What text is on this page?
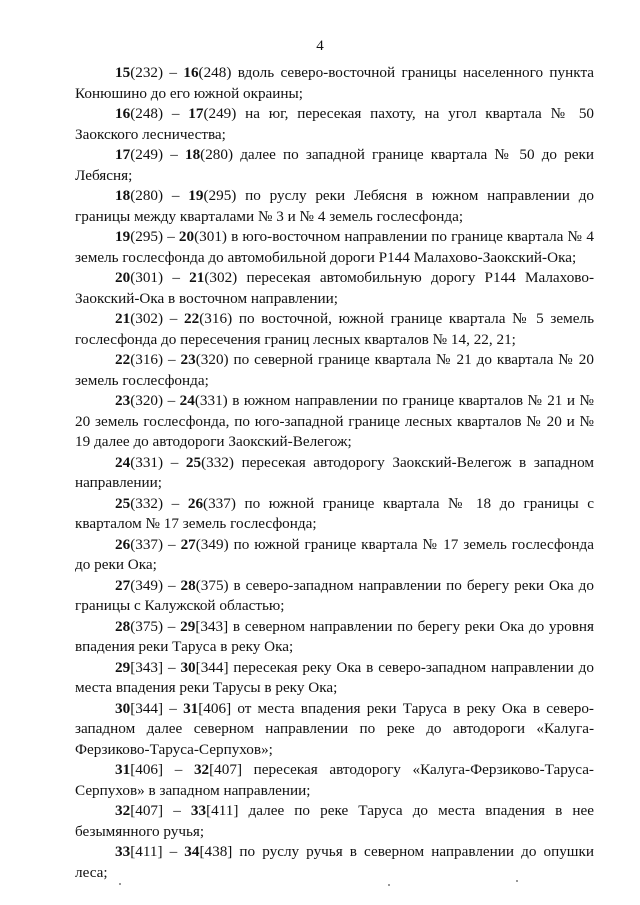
4

15(232) – 16(248) вдоль северо-восточной границы населенного пункта Конюшино до его южной окраины;

16(248) – 17(249) на юг, пересекая пахоту, на угол квартала № 50 Заокского лесничества;

17(249) – 18(280) далее по западной границе квартала № 50 до реки Лебясня;

18(280) – 19(295) по руслу реки Лебясня в южном направлении до границы между кварталами № 3 и № 4 земель гослесфонда;

19(295) – 20(301) в юго-восточном направлении по границе квартала № 4 земель гослесфонда до автомобильной дороги Р144 Малахово-Заокский-Ока;

20(301) – 21(302) пересекая автомобильную дорогу Р144 Малахово-Заокский-Ока в восточном направлении;

21(302) – 22(316) по восточной, южной границе квартала № 5 земель гослесфонда до пересечения границ лесных кварталов № 14, 22, 21;

22(316) – 23(320) по северной границе квартала № 21 до квартала № 20 земель гослесфонда;

23(320) – 24(331) в южном направлении по границе кварталов № 21 и № 20 земель гослесфонда, по юго-западной границе лесных кварталов № 20 и № 19 далее до автодороги Заокский-Велегож;

24(331) – 25(332) пересекая автодорогу Заокский-Велегож в западном направлении;

25(332) – 26(337) по южной границе квартала № 18 до границы с кварталом № 17 земель гослесфонда;

26(337) – 27(349) по южной границе квартала № 17 земель гослесфонда до реки Ока;

27(349) – 28(375) в северо-западном направлении по берегу реки Ока до границы с Калужской областью;

28(375) – 29[343] в северном направлении по берегу реки Ока до уровня впадения реки Таруса в реку Ока;

29[343] – 30[344] пересекая реку Ока в северо-западном направлении до места впадения реки Тарусы в реку Ока;

30[344] – 31[406] от места впадения реки Таруса в реку Ока в северо-западном далее северном направлении по реке до автодороги «Калуга-Ферзиково-Таруса-Серпухов»;

31[406] – 32[407] пересекая автодорогу «Калуга-Ферзиково-Таруса-Серпухов» в западном направлении;

32[407] – 33[411] далее по реке Таруса до места впадения в нее безымянного ручья;

33[411] – 34[438] по руслу ручья в северном направлении до опушки леса;
